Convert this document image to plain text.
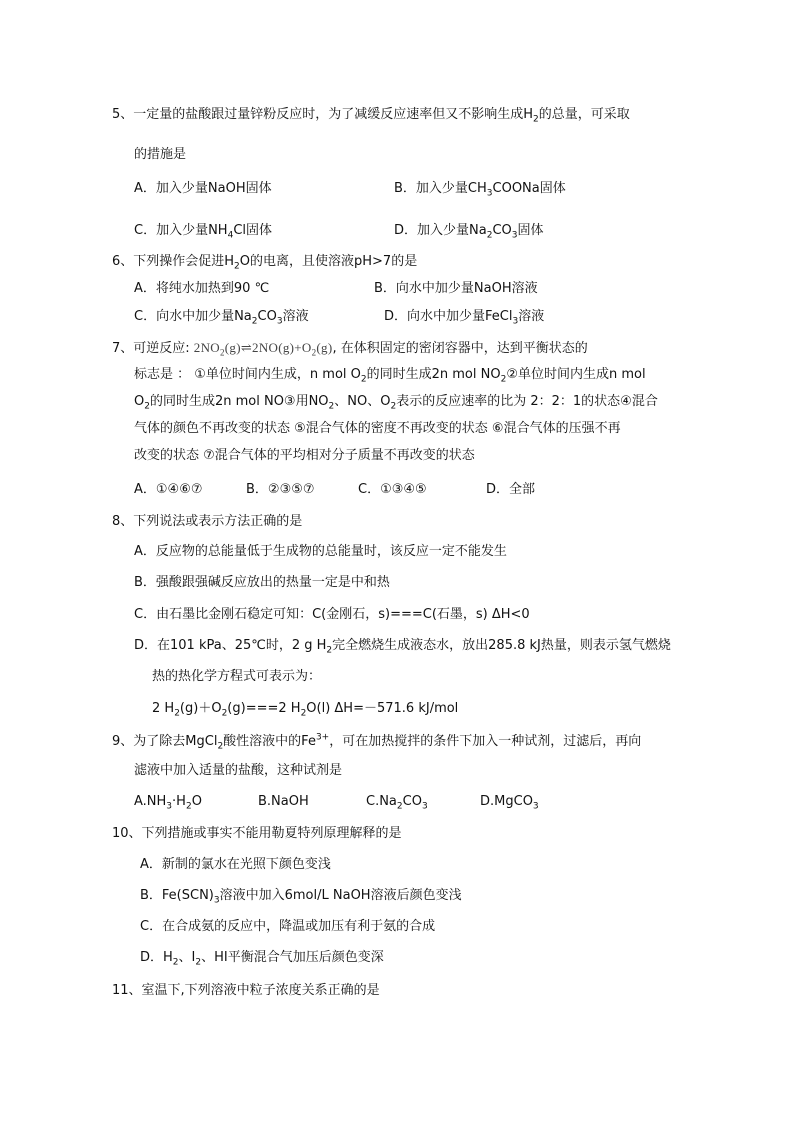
5、一定量的盐酸跟过量锌粉反应时，为了减缓反应速率但又不影响生成$H_2$的总量，可采取
的措施是
A．加入少量NaOH固体	B．加入少量$CH_3COONa$固体
C．加入少量$NH_4Cl$固体	D．加入少量$Na_2CO_3$固体
6、下列操作会促进$H_2O$的电离，且使溶液pH>7的是
A．将纯水加热到90 ℃	B．向水中加少量NaOH溶液
C．向水中加少量$Na_2CO_3$溶液	D．向水中加少量FeCl$_3$溶液
7、可逆反应: $2NO_2(g)\rightleftharpoons 2NO(g)+O_2(g)$, 在体积固定的密闭容器中，达到平衡状态的
标志是 ： ①单位时间内生成，n mol $O_2$的同时生成2n mol $NO_2②$单位时间内生成n mol
$O_2$的同时生成2n mol NO③用$NO_2$、NO、$O_2$表示的反应速率的比为 2：2：1的状态④混合
气体的颜色不再改变的状态 ⑤混合气体的密度不再改变的状态 ⑥混合气体的压强不再
改变的状态 ⑦混合气体的平均相对分子质量不再改变的状态
A．①④⑥⑦	B．②③⑤⑦	C．①③④⑤	D．全部
8、下列说法或表示方法正确的是
A．反应物的总能量低于生成物的总能量时，该反应一定不能发生
B．强酸跟强碱反应放出的热量一定是中和热
C．由石墨比金刚石稳定可知：C(金刚石，s)===C(石墨，s) ΔH<0
D．在101 kPa、25℃时，2 g $H_2$完全燃烧生成液态水，放出285.8 kJ热量，则表示氢气燃烧
热的热化学方程式可表示为：
2 $H_2(g)+O_2(g)===2$ $H_2O(l)$ ΔH=－571.6 kJ/mol
9、为了除去MgCl$_2$酸性溶液中的$Fe^{3+}$，可在加热搅拌的条件下加入一种试剂，过滤后，再向
滤液中加入适量的盐酸，这种试剂是
$A.NH_3\cdot H_2O$	B.NaOH	$C.Na_2CO_3$	D.MgCO$_3$
10、下列措施或事实不能用勒夏特列原理解释的是
A．新制的氯水在光照下颜色变浅
B．$Fe(SCN)_3$溶液中加入6mol/L NaOH溶液后颜色变浅
C．在合成氨的反应中，降温或加压有利于氨的合成
D．$H_2$、$I_2$、HI平衡混合气加压后颜色变深
11、室温下,下列溶液中粒子浓度关系正确的是
